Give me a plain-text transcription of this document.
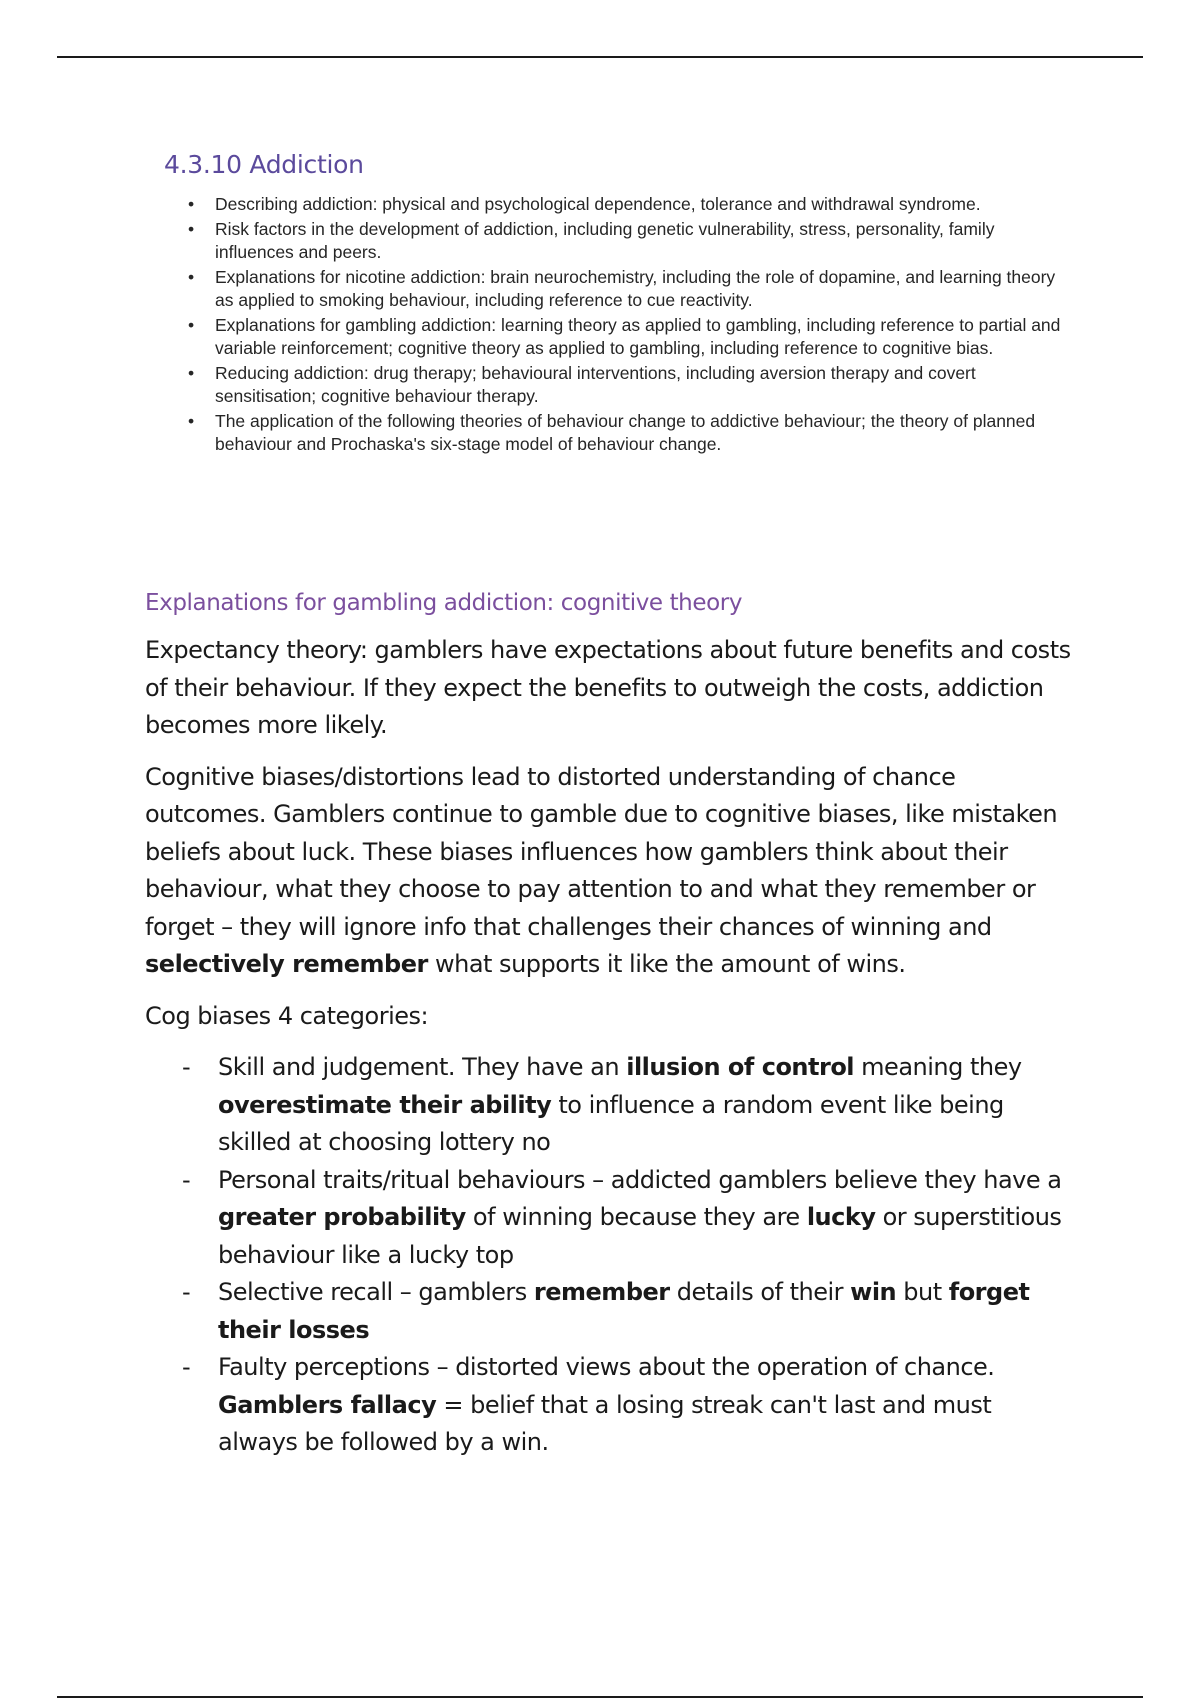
4.3.10 Addiction
• Describing addiction: physical and psychological dependence, tolerance and withdrawal syndrome.
• Risk factors in the development of addiction, including genetic vulnerability, stress, personality, family influences and peers.
• Explanations for nicotine addiction: brain neurochemistry, including the role of dopamine, and learning theory as applied to smoking behaviour, including reference to cue reactivity.
• Explanations for gambling addiction: learning theory as applied to gambling, including reference to partial and variable reinforcement; cognitive theory as applied to gambling, including reference to cognitive bias.
• Reducing addiction: drug therapy; behavioural interventions, including aversion therapy and covert sensitisation; cognitive behaviour therapy.
• The application of the following theories of behaviour change to addictive behaviour; the theory of planned behaviour and Prochaska's six-stage model of behaviour change.
Explanations for gambling addiction: cognitive theory

Expectancy theory: gamblers have expectations about future benefits and costs of their behaviour. If they expect the benefits to outweigh the costs, addiction becomes more likely.

Cognitive biases/distortions lead to distorted understanding of chance outcomes. Gamblers continue to gamble due to cognitive biases, like mistaken beliefs about luck. These biases influences how gamblers think about their behaviour, what they choose to pay attention to and what they remember or forget – they will ignore info that challenges their chances of winning and selectively remember what supports it like the amount of wins.

Cog biases 4 categories:

- Skill and judgement. They have an illusion of control meaning they overestimate their ability to influence a random event like being skilled at choosing lottery no
- Personal traits/ritual behaviours – addicted gamblers believe they have a greater probability of winning because they are lucky or superstitious behaviour like a lucky top
- Selective recall – gamblers remember details of their win but forget their losses
- Faulty perceptions – distorted views about the operation of chance. Gamblers fallacy = belief that a losing streak can't last and must always be followed by a win.
